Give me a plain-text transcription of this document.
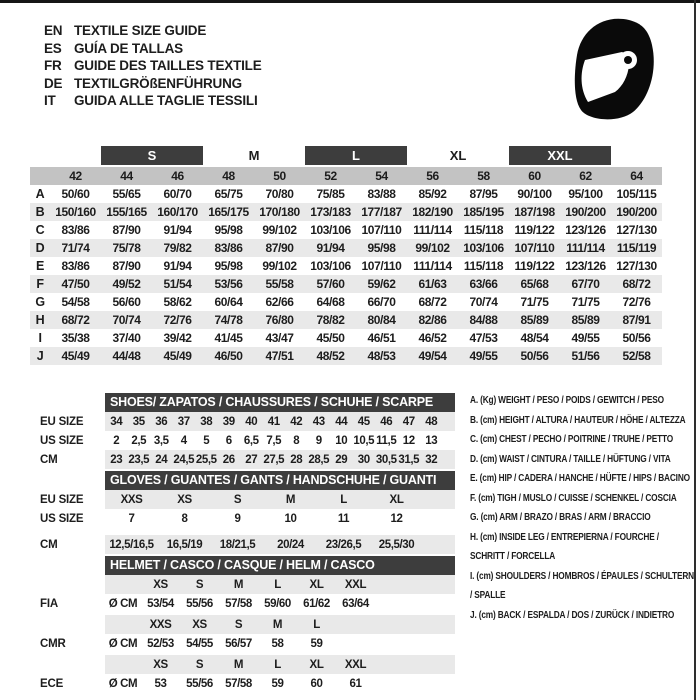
EN TEXTILE SIZE GUIDE
ES GUÍA DE TALLAS
FR GUIDE DES TAILLES TEXTILE
DE TEXTILGRÖßENFÜHRUNG
IT	GUIDA ALLE TAGLIE TESSILI
S	M	L	XL	XXL
42	44	46	48	50	52	54	56	58	60	62	64
A	50/60	55/65	60/70	65/75	70/80	75/85	83/88	85/92	87/95	90/100	95/100	105/115
B 150/160 155/165 160/170 165/175 170/180 173/183 177/187 182/190 185/195 187/198 190/200 190/200
C	83/86	87/90	91/94	95/98	99/102	103/106 107/110 111/114	115/118 119/122 123/126 127/130
D	71/74	75/78	79/82	83/86	87/90	91/94	95/98	99/102	103/106 107/110 111/114	115/119
E	83/86	87/90	91/94	95/98	99/102	103/106 107/110 111/114	115/118 119/122 123/126 127/130
F	47/50	49/52	51/54	53/56	55/58	57/60	59/62	61/63	63/66	65/68	67/70	68/72
G	54/58	56/60	58/62	60/64	62/66	64/68	66/70	68/72	70/74	71/75	71/75	72/76
H	68/72	70/74	72/76	74/78	76/80	78/82	80/84	82/86	84/88	85/89	85/89	87/91
I	35/38	37/40	39/42	41/45	43/47	45/50	46/51	46/52	47/53	48/54	49/55	50/56
J	45/49	44/48	45/49	46/50	47/51	48/52	48/53	49/54	49/55	50/56	51/56	52/58
SHOES/ ZAPATOS / CHAUSSURES / SCHUHE / SCARPE
EU SIZE	34 35 36 37 38 39 40 41 42 43 44 45 46 47 48
US SIZE	2	2,5 3,5	4	5	6	6,5 7,5	8	9	10 10,5 11,5 12 13
CM	23 23,5 24 24,5 25,5 26 27 27,5 28 28,5 29 30 30,5 31,5 32
GLOVES / GUANTES / GANTS / HANDSCHUHE / GUANTI
EU SIZE	XXS	XS	S	M	L	XL
US SIZE	7	8	9	10	11	12
CM	12,5/16,5	16,5/19	18/21,5	20/24	23/26,5	25,5/30
HELMET / CASCO / CASQUE / HELM / CASCO
XS	S	M	L	XL	XXL
FIA	Ø CM 53/54	55/56	57/58	59/60	61/62	63/64
XXS	XS	S	M	L
CMR	Ø CM 52/53	54/55	56/57	58	59
XS	S	M	L	XL	XXL
ECE	Ø CM	53	55/56	57/58	59	60	61
A. (Kg) WEIGHT / PESO / POIDS / GEWITCH / PESO
B. (cm) HEIGHT / ALTURA / HAUTEUR / HÖHE / ALTEZZA
C. (cm) CHEST / PECHO / POITRINE / TRUHE / PETTO
D. (cm) WAIST / CINTURA / TAILLE / HÜFTUNG / VITA
E. (cm) HIP / CADERA / HANCHE / HÜFTE / HIPS / BACINO
F. (cm) TIGH / MUSLO / CUISSE / SCHENKEL / COSCIA
G. (cm) ARM / BRAZO / BRAS / ARM / BRACCIO
H. (cm) INSIDE LEG / ENTREPIERNA / FOURCHE / SCHRITT / FORCELLA
I. (cm) SHOULDERS / HOMBROS / ÉPAULES / SCHULTERN / SPALLE
J. (cm) BACK / ESPALDA / DOS / ZURÜCK / INDIETRO
